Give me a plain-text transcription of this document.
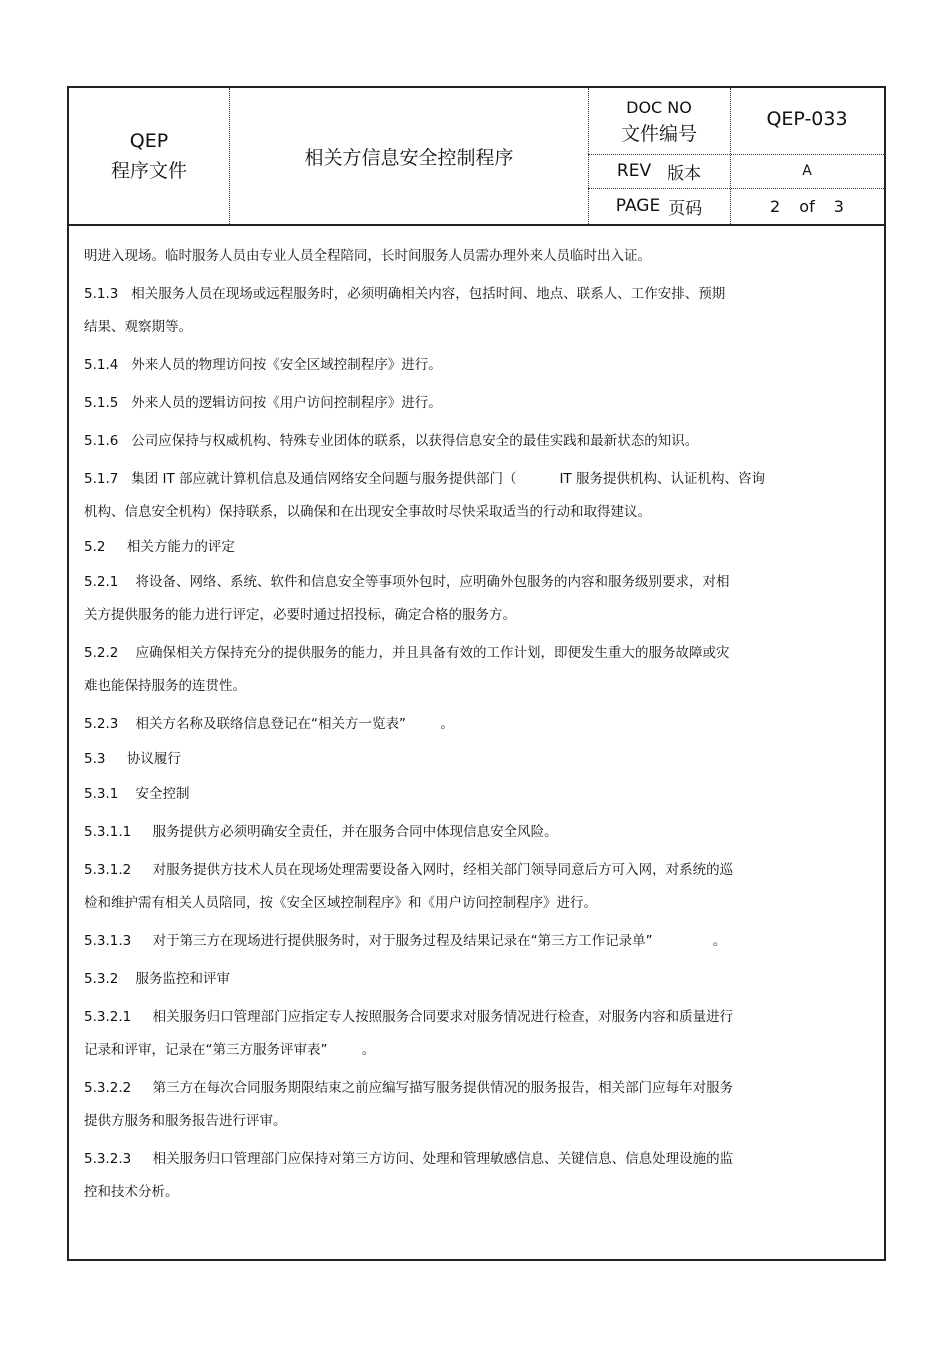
QEP
程序文件
相关方信息安全控制程序
DOC NO
文件编号
QEP-033
REV 版本	A
PAGE 页码	2 of 3

明进入现场。临时服务人员由专业人员全程陪同，长时间服务人员需办理外来人员临时出入证。

5.1.3   相关服务人员在现场或远程服务时，必须明确相关内容，包括时间、地点、联系人、工作安排、预期
结果、观察期等。

5.1.4   外来人员的物理访问按《安全区域控制程序》进行。

5.1.5   外来人员的逻辑访问按《用户访问控制程序》进行。

5.1.6   公司应保持与权威机构、特殊专业团体的联系，以获得信息安全的最佳实践和最新状态的知识。

5.1.7   集团 IT 部应就计算机信息及通信网络安全问题与服务提供部门（          IT 服务提供机构、认证机构、咨询
机构、信息安全机构）保持联系，以确保和在出现安全事故时尽快采取适当的行动和取得建议。

5.2     相关方能力的评定

5.2.1    将设备、网络、系统、软件和信息安全等事项外包时，应明确外包服务的内容和服务级别要求，对相
关方提供服务的能力进行评定，必要时通过招投标，确定合格的服务方。

5.2.2    应确保相关方保持充分的提供服务的能力，并且具备有效的工作计划，即便发生重大的服务故障或灾
难也能保持服务的连贯性。

5.2.3    相关方名称及联络信息登记在“相关方一览表”        。

5.3     协议履行

5.3.1    安全控制

5.3.1.1     服务提供方必须明确安全责任，并在服务合同中体现信息安全风险。

5.3.1.2     对服务提供方技术人员在现场处理需要设备入网时，经相关部门领导同意后方可入网，对系统的巡
检和维护需有相关人员陪同，按《安全区域控制程序》和《用户访问控制程序》进行。

5.3.1.3     对于第三方在现场进行提供服务时，对于服务过程及结果记录在“第三方工作记录单”              。

5.3.2    服务监控和评审

5.3.2.1     相关服务归口管理部门应指定专人按照服务合同要求对服务情况进行检查，对服务内容和质量进行
记录和评审，记录在“第三方服务评审表”        。

5.3.2.2     第三方在每次合同服务期限结束之前应编写描写服务提供情况的服务报告，相关部门应每年对服务
提供方服务和服务报告进行评审。

5.3.2.3     相关服务归口管理部门应保持对第三方访问、处理和管理敏感信息、关键信息、信息处理设施的监
控和技术分析。
